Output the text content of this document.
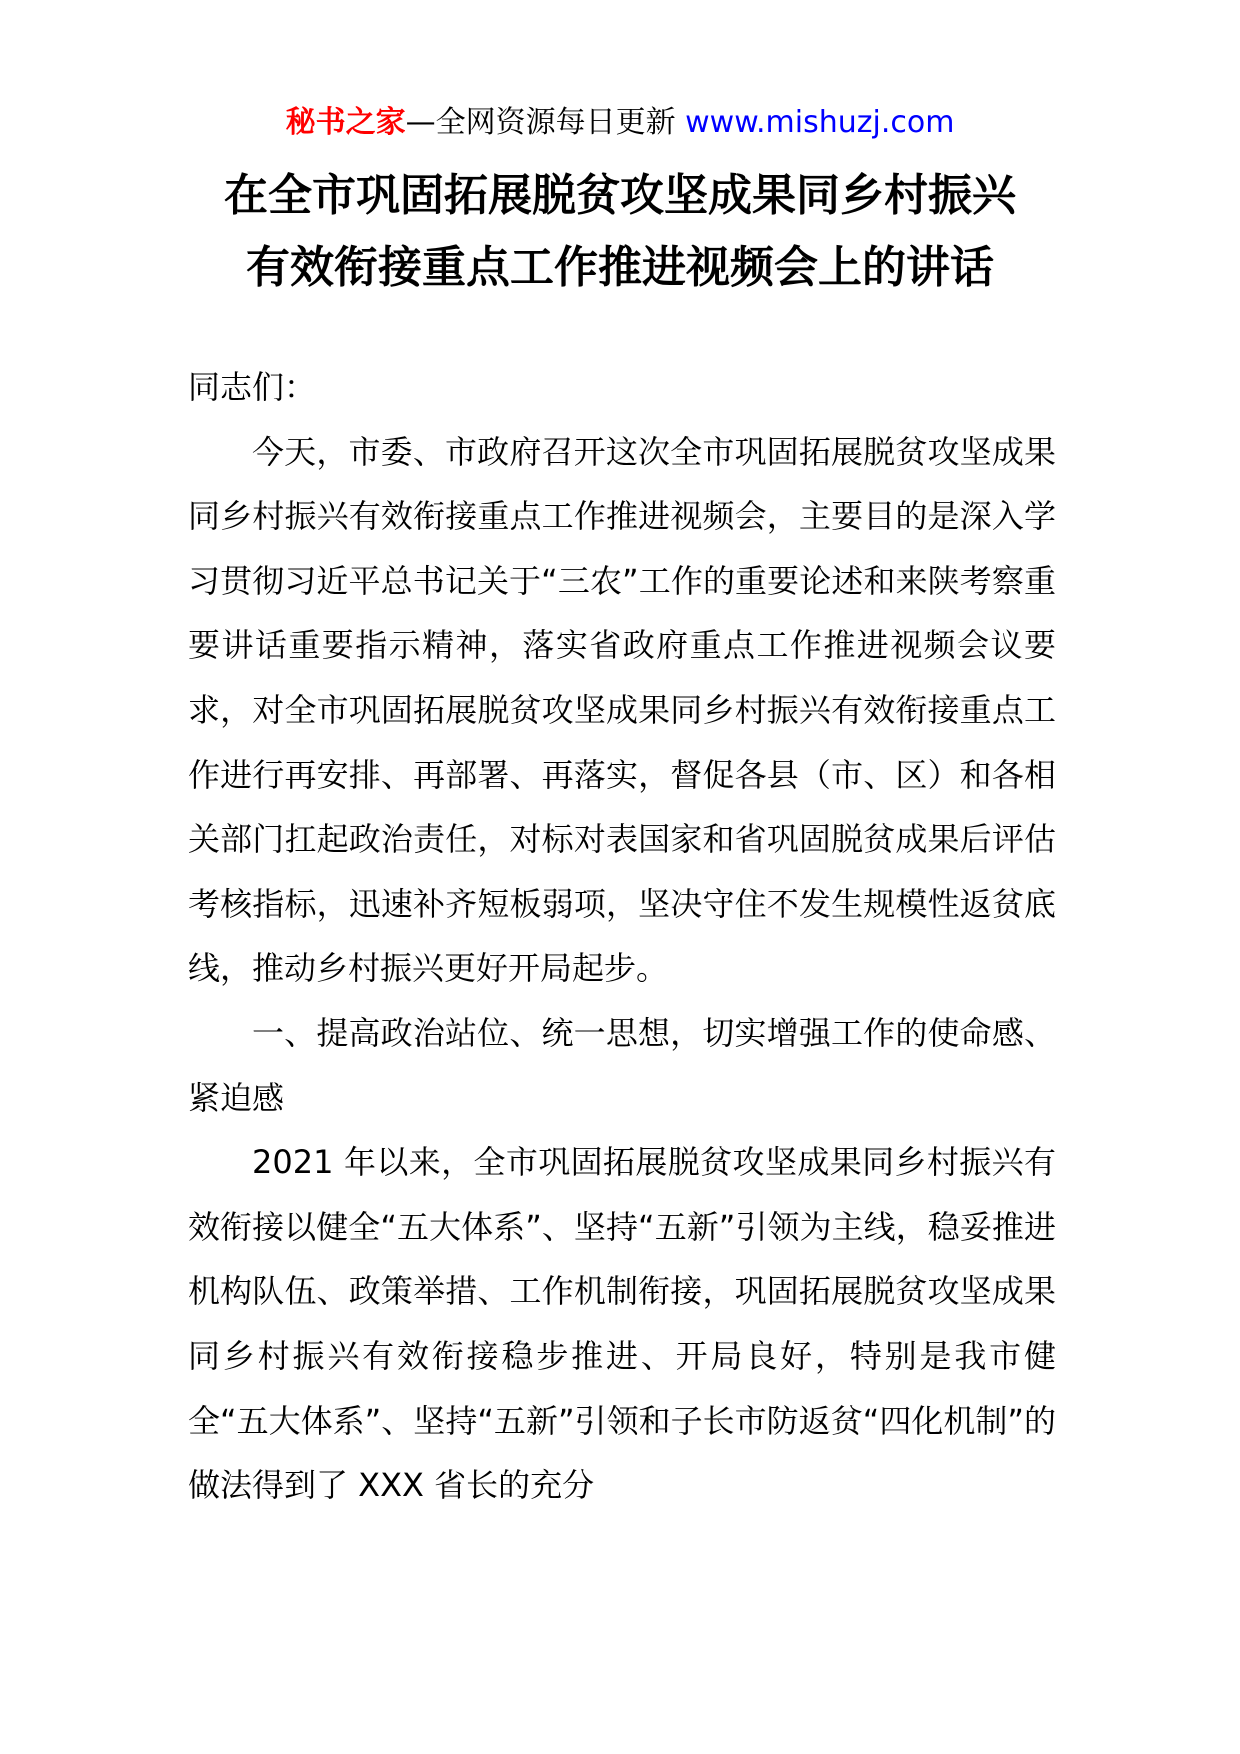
秘书之家—全网资源每日更新 www.mishuzj.com
在全市巩固拓展脱贫攻坚成果同乡村振兴
有效衔接重点工作推进视频会上的讲话

同志们：

今天，市委、市政府召开这次全市巩固拓展脱贫攻坚成果同乡村振兴有效衔接重点工作推进视频会，主要目的是深入学习贯彻习近平总书记关于“三农”工作的重要论述和来陕考察重要讲话重要指示精神，落实省政府重点工作推进视频会议要求，对全市巩固拓展脱贫攻坚成果同乡村振兴有效衔接重点工作进行再安排、再部署、再落实，督促各县（市、区）和各相关部门扛起政治责任，对标对表国家和省巩固脱贫成果后评估考核指标，迅速补齐短板弱项，坚决守住不发生规模性返贫底线，推动乡村振兴更好开局起步。

一、提高政治站位、统一思想，切实增强工作的使命感、紧迫感

2021 年以来，全市巩固拓展脱贫攻坚成果同乡村振兴有效衔接以健全“五大体系”、坚持“五新”引领为主线，稳妥推进机构队伍、政策举措、工作机制衔接，巩固拓展脱贫攻坚成果同乡村振兴有效衔接稳步推进、开局良好，特别是我市健全“五大体系”、坚持“五新”引领和子长市防返贫“四化机制”的做法得到了 XXX 省长的充分
